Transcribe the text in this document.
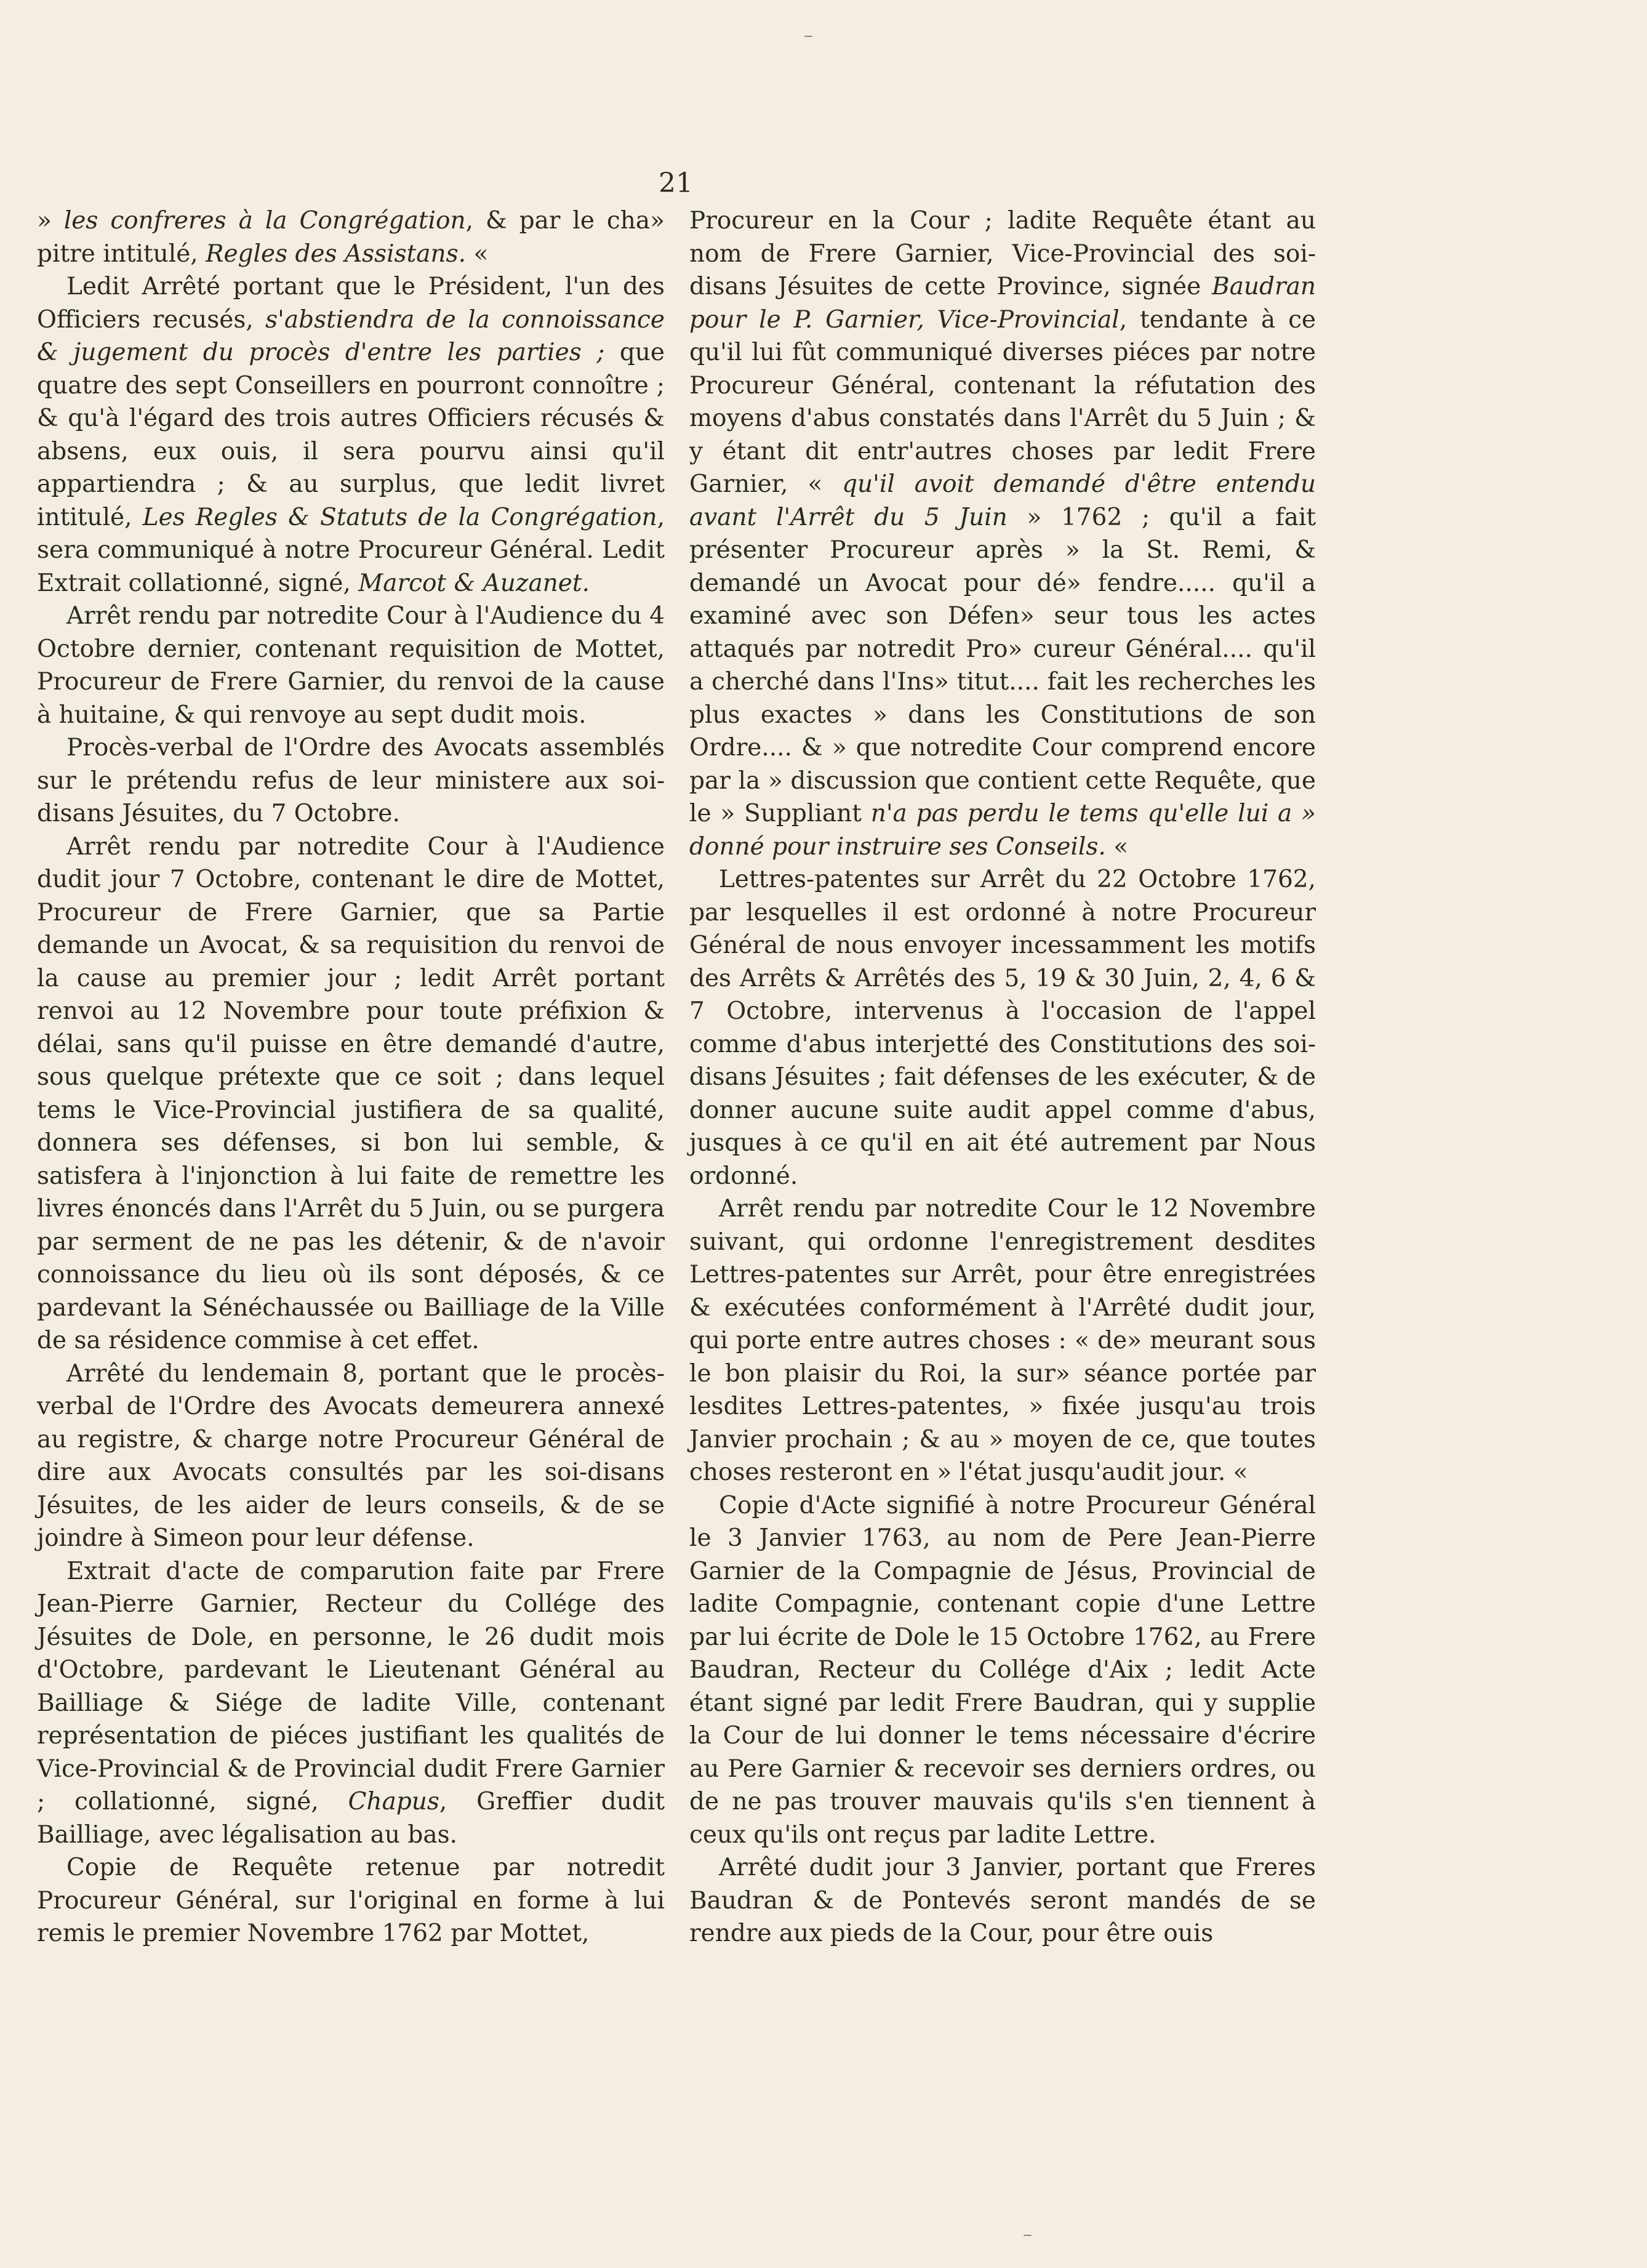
–
21

» les confreres à la Congrégation, & par le cha» pitre intitulé, Regles des Assistans. «

Ledit Arrêté portant que le Président, l'un des Officiers recusés, s'abstiendra de la connoissance & jugement du procès d'entre les parties ; que quatre des sept Conseillers en pourront connoître ; & qu'à l'égard des trois autres Officiers récusés & absens, eux ouis, il sera pourvu ainsi qu'il appartiendra ; & au surplus, que ledit livret intitulé, Les Regles & Statuts de la Congrégation, sera communiqué à notre Procureur Général. Ledit Extrait collationné, signé, Marcot & Auzanet.

Arrêt rendu par notredite Cour à l'Audience du 4 Octobre dernier, contenant requisition de Mottet, Procureur de Frere Garnier, du renvoi de la cause à huitaine, & qui renvoye au sept dudit mois.

Procès-verbal de l'Ordre des Avocats assemblés sur le prétendu refus de leur ministere aux soi-disans Jésuites, du 7 Octobre.

Arrêt rendu par notredite Cour à l'Audience dudit jour 7 Octobre, contenant le dire de Mottet, Procureur de Frere Garnier, que sa Partie demande un Avocat, & sa requisition du renvoi de la cause au premier jour ; ledit Arrêt portant renvoi au 12 Novembre pour toute préfixion & délai, sans qu'il puisse en être demandé d'autre, sous quelque prétexte que ce soit ; dans lequel tems le Vice-Provincial justifiera de sa qualité, donnera ses défenses, si bon lui semble, & satisfera à l'injonction à lui faite de remettre les livres énoncés dans l'Arrêt du 5 Juin, ou se purgera par serment de ne pas les détenir, & de n'avoir connoissance du lieu où ils sont déposés, & ce pardevant la Sénéchaussée ou Bailliage de la Ville de sa résidence commise à cet effet.

Arrêté du lendemain 8, portant que le procès-verbal de l'Ordre des Avocats demeurera annexé au registre, & charge notre Procureur Général de dire aux Avocats consultés par les soi-disans Jésuites, de les aider de leurs conseils, & de se joindre à Simeon pour leur défense.

Extrait d'acte de comparution faite par Frere Jean-Pierre Garnier, Recteur du Collége des Jésuites de Dole, en personne, le 26 dudit mois d'Octobre, pardevant le Lieutenant Général au Bailliage & Siége de ladite Ville, contenant représentation de piéces justifiant les qualités de Vice-Provincial & de Provincial dudit Frere Garnier ; collationné, signé, Chapus, Greffier dudit Bailliage, avec légalisation au bas.

Copie de Requête retenue par notredit Procureur Général, sur l'original en forme à lui remis le premier Novembre 1762 par Mottet,

Procureur en la Cour ; ladite Requête étant au nom de Frere Garnier, Vice-Provincial des soi-disans Jésuites de cette Province, signée Baudran pour le P. Garnier, Vice-Provincial, tendante à ce qu'il lui fût communiqué diverses piéces par notre Procureur Général, contenant la réfutation des moyens d'abus constatés dans l'Arrêt du 5 Juin ; & y étant dit entr'autres choses par ledit Frere Garnier, « qu'il avoit demandé d'être entendu avant l'Arrêt du 5 Juin » 1762 ; qu'il a fait présenter Procureur après » la St. Remi, & demandé un Avocat pour dé» fendre..... qu'il a examiné avec son Défen» seur tous les actes attaqués par notredit Pro» cureur Général.... qu'il a cherché dans l'Ins» titut.... fait les recherches les plus exactes » dans les Constitutions de son Ordre.... & » que notredite Cour comprend encore par la » discussion que contient cette Requête, que le » Suppliant n'a pas perdu le tems qu'elle lui a » donné pour instruire ses Conseils. «

Lettres-patentes sur Arrêt du 22 Octobre 1762, par lesquelles il est ordonné à notre Procureur Général de nous envoyer incessamment les motifs des Arrêts & Arrêtés des 5, 19 & 30 Juin, 2, 4, 6 & 7 Octobre, intervenus à l'occasion de l'appel comme d'abus interjetté des Constitutions des soi-disans Jésuites ; fait défenses de les exécuter, & de donner aucune suite audit appel comme d'abus, jusques à ce qu'il en ait été autrement par Nous ordonné.

Arrêt rendu par notredite Cour le 12 Novembre suivant, qui ordonne l'enregistrement desdites Lettres-patentes sur Arrêt, pour être enregistrées & exécutées conformément à l'Arrêté dudit jour, qui porte entre autres choses : « de» meurant sous le bon plaisir du Roi, la sur» séance portée par lesdites Lettres-patentes, » fixée jusqu'au trois Janvier prochain ; & au » moyen de ce, que toutes choses resteront en » l'état jusqu'audit jour. «

Copie d'Acte signifié à notre Procureur Général le 3 Janvier 1763, au nom de Pere Jean-Pierre Garnier de la Compagnie de Jésus, Provincial de ladite Compagnie, contenant copie d'une Lettre par lui écrite de Dole le 15 Octobre 1762, au Frere Baudran, Recteur du Collége d'Aix ; ledit Acte étant signé par ledit Frere Baudran, qui y supplie la Cour de lui donner le tems nécessaire d'écrire au Pere Garnier & recevoir ses derniers ordres, ou de ne pas trouver mauvais qu'ils s'en tiennent à ceux qu'ils ont reçus par ladite Lettre.

Arrêté dudit jour 3 Janvier, portant que Freres Baudran & de Pontevés seront mandés de se rendre aux pieds de la Cour, pour être ouis

–
